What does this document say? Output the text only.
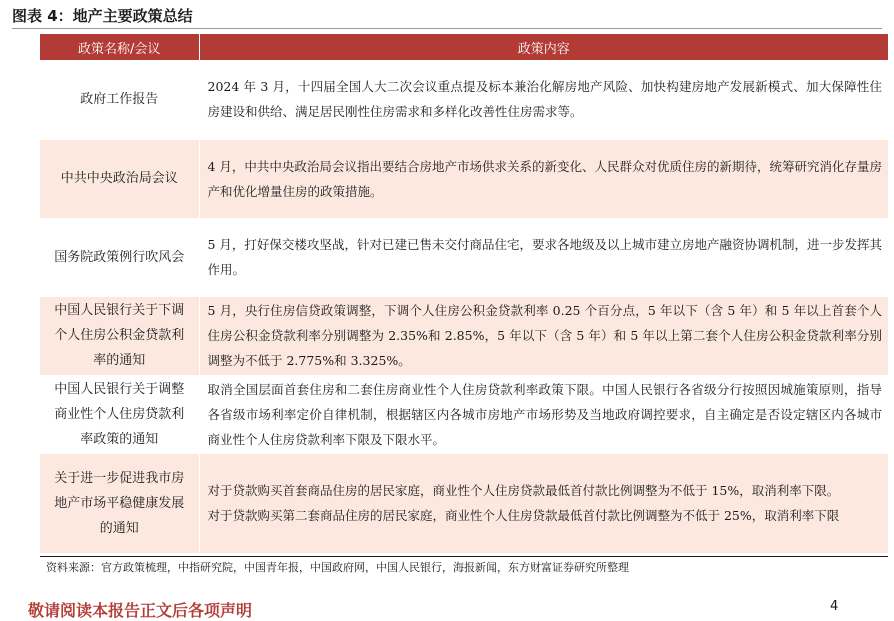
图表 4：地产主要政策总结
政策名称/会议	政策内容
政府工作报告	2024 年 3 月，十四届全国人大二次会议重点提及标本兼治化解房地产风险、加快构建房地产发展新模式、加大保障性住房建设和供给、满足居民刚性住房需求和多样化改善性住房需求等。

中共中央政治局会议	4 月，中共中央政治局会议指出要结合房地产市场供求关系的新变化、人民群众对优质住房的新期待，统筹研究消化存量房产和优化增量住房的政策措施。

国务院政策例行吹风会	5 月，打好保交楼攻坚战，针对已建已售未交付商品住宅，要求各地级及以上城市建立房地产融资协调机制，进一步发挥其作用。

中国人民银行关于下调个人住房公积金贷款利率的通知	5 月，央行住房信贷政策调整，下调个人住房公积金贷款利率 0.25 个百分点，5 年以下（含 5 年）和 5 年以上首套个人住房公积金贷款利率分别调整为 2.35%和 2.85%，5 年以下（含 5 年）和 5 年以上第二套个人住房公积金贷款利率分别调整为不低于 2.775%和 3.325%。

中国人民银行关于调整商业性个人住房贷款利率政策的通知	取消全国层面首套住房和二套住房商业性个人住房贷款利率政策下限。中国人民银行各省级分行按照因城施策原则，指导各省级市场利率定价自律机制，根据辖区内各城市房地产市场形势及当地政府调控要求，自主确定是否设定辖区内各城市商业性个人住房贷款利率下限及下限水平。

关于进一步促进我市房地产市场平稳健康发展的通知	对于贷款购买首套商品住房的居民家庭，商业性个人住房贷款最低首付款比例调整为不低于 15%，取消利率下限。
对于贷款购买第二套商品住房的居民家庭，商业性个人住房贷款最低首付款比例调整为不低于 25%，取消利率下限
资料来源：官方政策梳理，中指研究院，中国青年报，中国政府网，中国人民银行，海报新闻，东方财富证券研究所整理
敬请阅读本报告正文后各项声明	4
